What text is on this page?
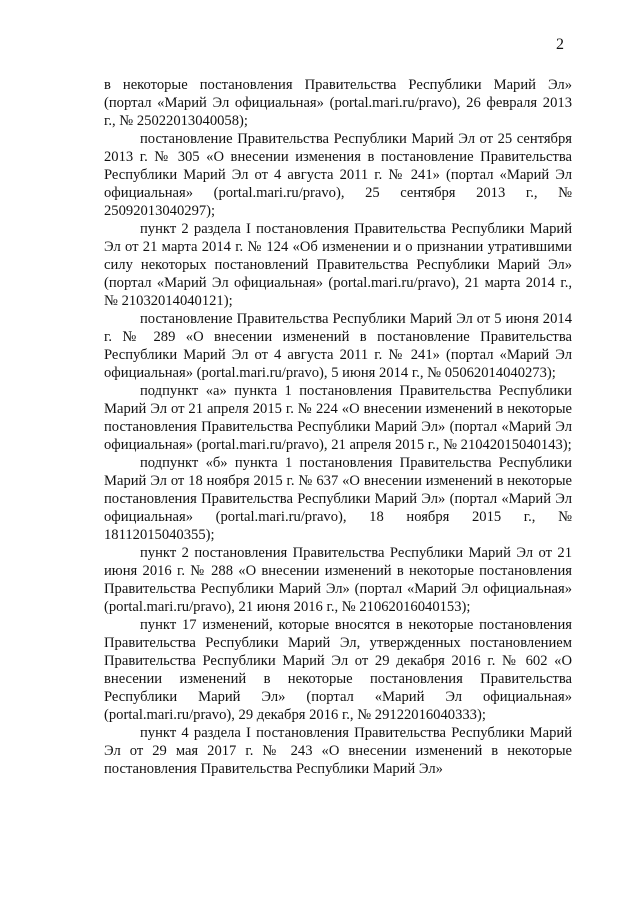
2

в некоторые постановления Правительства Республики Марий Эл» (портал «Марий Эл официальная» (portal.mari.ru/pravo), 26 февраля 2013 г., № 25022013040058);

постановление Правительства Республики Марий Эл от 25 сентября 2013 г. № 305 «О внесении изменения в постановление Правительства Республики Марий Эл от 4 августа 2011 г. № 241» (портал «Марий Эл официальная» (portal.mari.ru/pravo), 25 сентября 2013 г., № 25092013040297);

пункт 2 раздела I постановления Правительства Республики Марий Эл от 21 марта 2014 г. № 124 «Об изменении и о признании утратившими силу некоторых постановлений Правительства Республики Марий Эл» (портал «Марий Эл официальная» (portal.mari.ru/pravo), 21 марта 2014 г., № 21032014040121);

постановление Правительства Республики Марий Эл от 5 июня 2014 г. № 289 «О внесении изменений в постановление Правительства Республики Марий Эл от 4 августа 2011 г. № 241» (портал «Марий Эл официальная» (portal.mari.ru/pravo), 5 июня 2014 г., № 05062014040273);

подпункт «а» пункта 1 постановления Правительства Республики Марий Эл от 21 апреля 2015 г. № 224 «О внесении изменений в некоторые постановления Правительства Республики Марий Эл» (портал «Марий Эл официальная» (portal.mari.ru/pravo), 21 апреля 2015 г., № 21042015040143);

подпункт «б» пункта 1 постановления Правительства Республики Марий Эл от 18 ноября 2015 г. № 637 «О внесении изменений в некоторые постановления Правительства Республики Марий Эл» (портал «Марий Эл официальная» (portal.mari.ru/pravo), 18 ноября 2015 г., № 18112015040355);

пункт 2 постановления Правительства Республики Марий Эл от 21 июня 2016 г. № 288 «О внесении изменений в некоторые постановления Правительства Республики Марий Эл» (портал «Марий Эл официальная» (portal.mari.ru/pravo), 21 июня 2016 г., № 21062016040153);

пункт 17 изменений, которые вносятся в некоторые постановления Правительства Республики Марий Эл, утвержденных постановлением Правительства Республики Марий Эл от 29 декабря 2016 г. № 602 «О внесении изменений в некоторые постановления Правительства Республики Марий Эл» (портал «Марий Эл официальная» (portal.mari.ru/pravo), 29 декабря 2016 г., № 29122016040333);

пункт 4 раздела I постановления Правительства Республики Марий Эл от 29 мая 2017 г. № 243 «О внесении изменений в некоторые постановления Правительства Республики Марий Эл»
